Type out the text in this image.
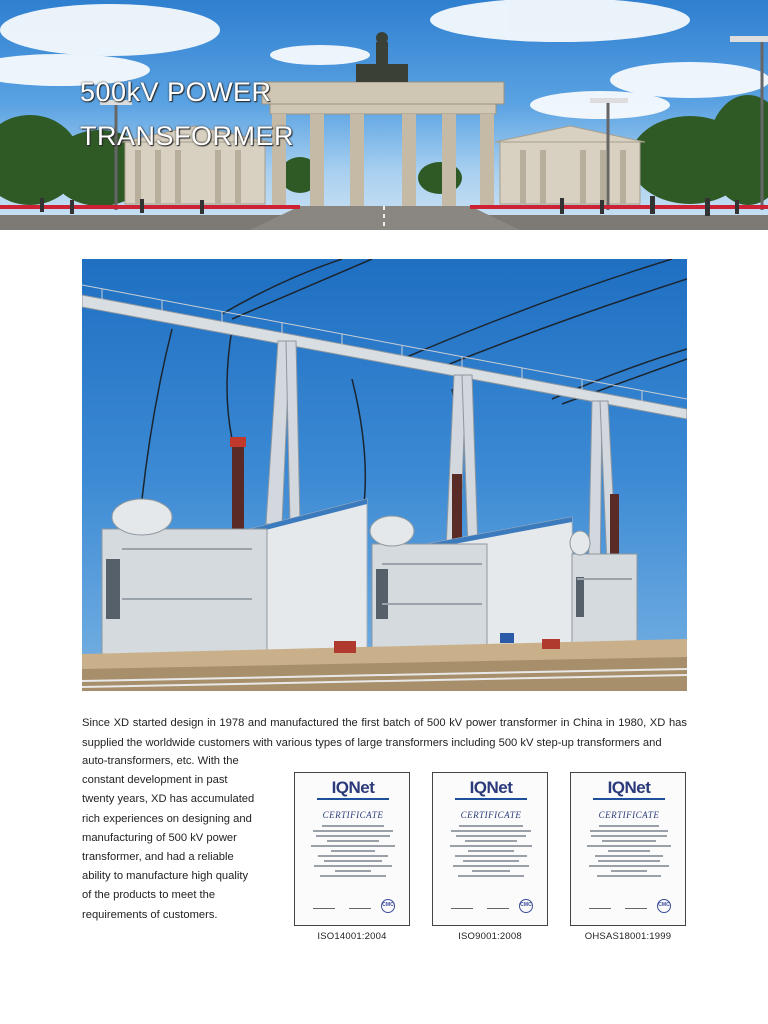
500kV POWER
TRANSFORMER

Since XD started design in 1978 and manufactured the first batch of 500 kV power transformer in China in 1980, XD has supplied the worldwide customers with various types of large transformers including 500 kV step-up transformers and

auto-transformers, etc. With the constant development in past twenty years, XD has accumulated rich experiences on designing and manufacturing of 500 kV power transformer, and had a reliable ability to manufacture high quality of the products to meet the requirements of customers.

IQNet
CERTIFICATE
CMC
ISO14001:2004
IQNet
CERTIFICATE
CMC
ISO9001:2008
IQNet
CERTIFICATE
CMC
OHSAS18001:1999
